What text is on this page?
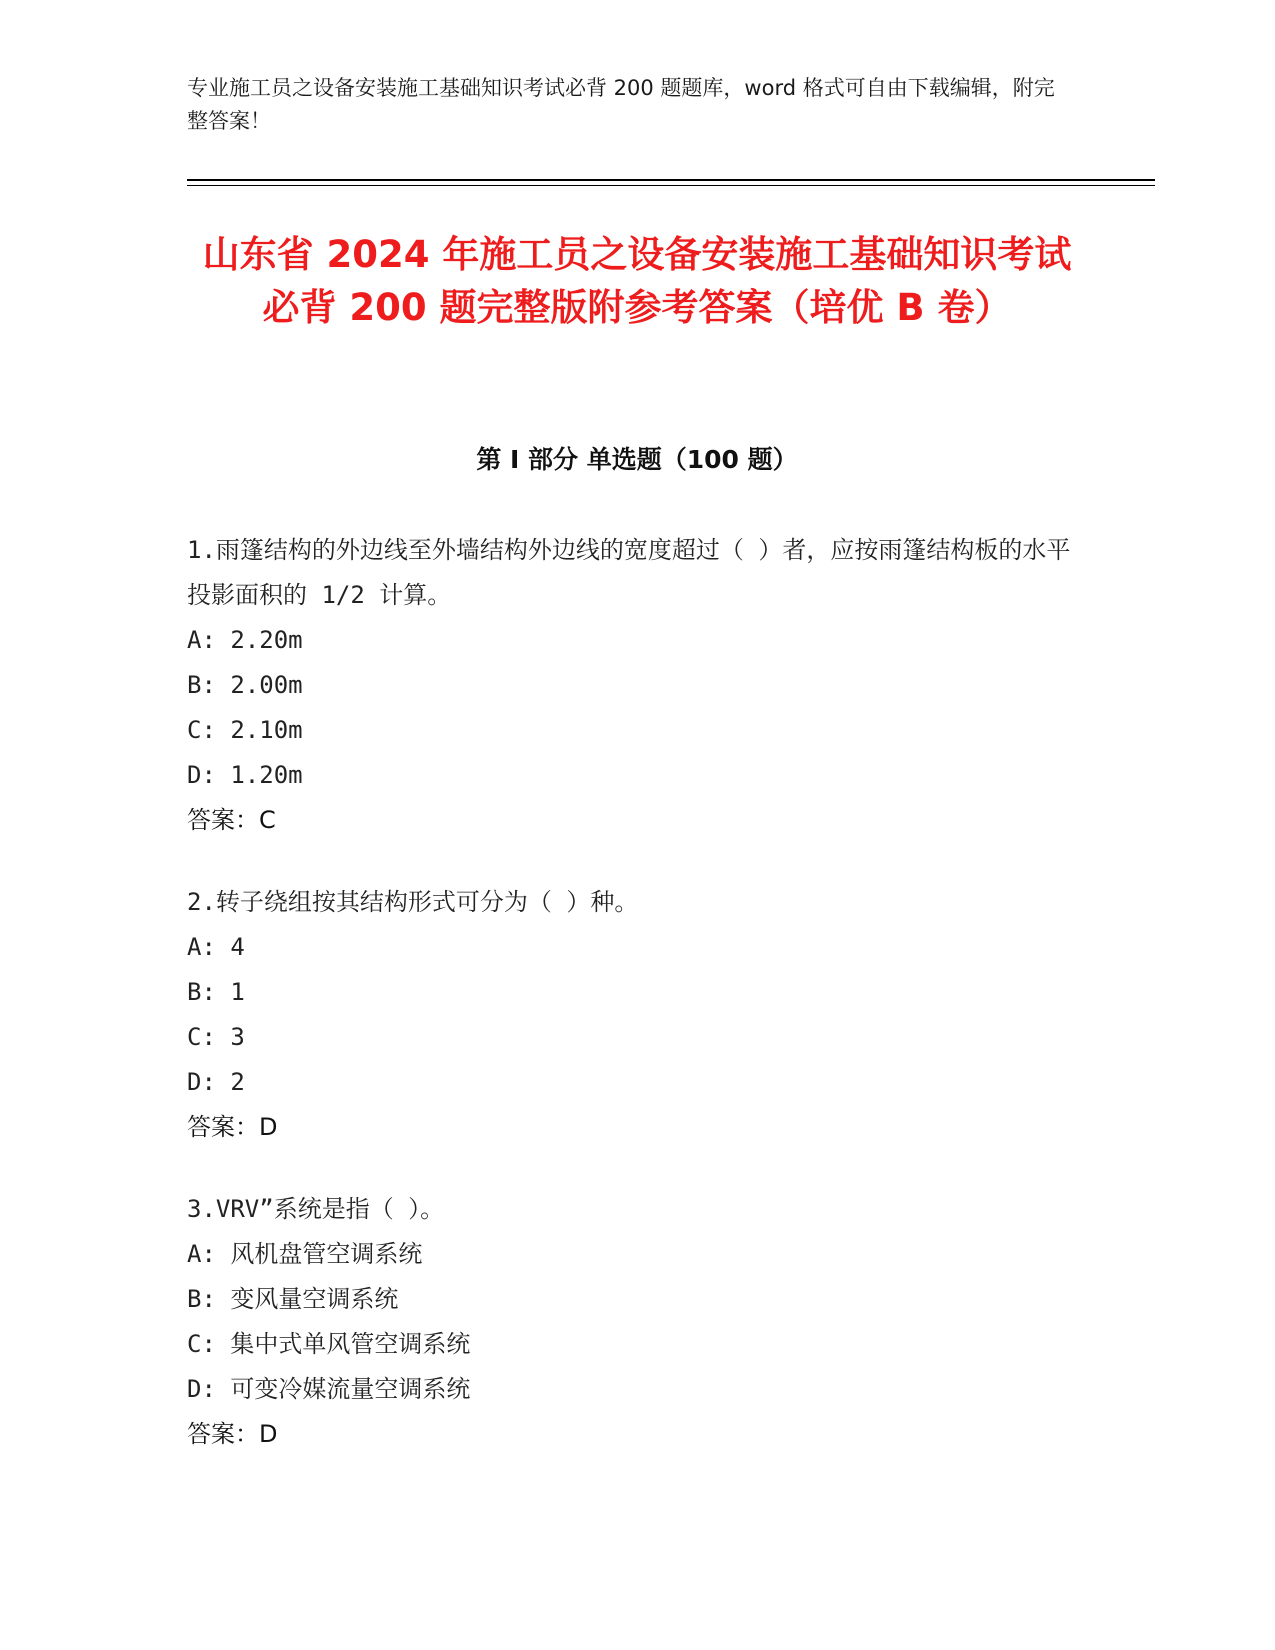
专业施工员之设备安装施工基础知识考试必背 200 题题库，word 格式可自由下载编辑，附完整答案！
山东省 2024 年施工员之设备安装施工基础知识考试必背 200 题完整版附参考答案（培优 B 卷）
第 I 部分 单选题（100 题）

1.雨篷结构的外边线至外墙结构外边线的宽度超过（ ）者，应按雨篷结构板的水平投影面积的 1/2 计算。

A: 2.20m
B: 2.00m
C: 2.10m
D: 1.20m
答案：C

2.转子绕组按其结构形式可分为（ ）种。

A: 4
B: 1
C: 3
D: 2
答案：D

3.VRV”系统是指（ ）。

A: 风机盘管空调系统
B: 变风量空调系统
C: 集中式单风管空调系统
D: 可变冷媒流量空调系统
答案：D
